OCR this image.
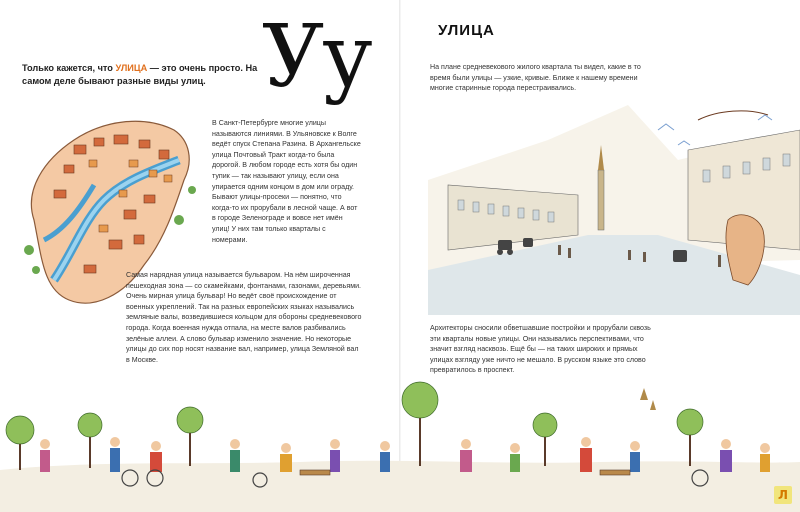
Уу
Только кажется, что УЛИЦА — это очень просто. На самом деле бывают разные виды улиц.

В Санкт-Петербурге многие улицы называются линиями. В Ульяновске к Волге ведёт спуск Степана Разина. В Архангельске улица Почтовый Тракт когда-то была дорогой. В любом городе есть хотя бы один тупик — так называют улицу, если она упирается одним концом в дом или ограду. Бывают улицы-просеки — понятно, что когда-то их прорубали в лесной чаще. А вот в городе Зеленограде и вовсе нет имён улиц! У них там только кварталы с номерами.

Самая нарядная улица называется бульваром. На нём широченная пешеходная зона — со скамейками, фонтанами, газонами, деревьями. Очень мирная улица бульвар! Но ведёт своё происхождение от военных укреплений. Так на разных европейских языках назывались земляные валы, возведившиеся кольцом для обороны средневекового города. Когда военная нужда отпала, на месте валов разбивались зелёные аллеи. А слово бульвар изменило значение. Но некоторые улицы до сих пор носят название вал, например, улица Земляной вал в Москве.

УЛИЦА

На плане средневекового жилого квартала ты видел, какие в то время были улицы — узкие, кривые. Ближе к нашему времени многие старинные города перестраивались.

Архитекторы сносили обветшавшие постройки и прорубали сквозь эти кварталы новые улицы. Они назывались перспективами, что значит взгляд насквозь. Ещё бы — на таких широких и прямых улицах взгляду уже ничто не мешало. В русском языке это слово превратилось в проспект.

Л
